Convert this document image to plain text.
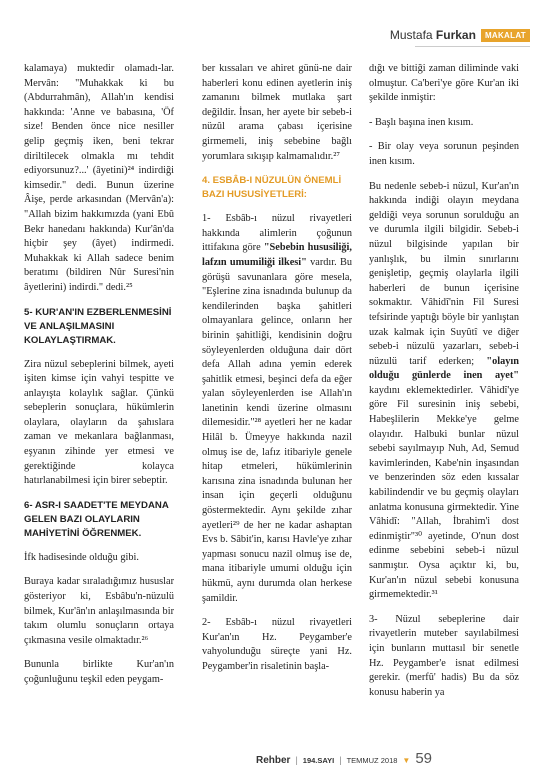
Mustafa Furkan	MAKALAT

kalamaya) muktedir olamadı-lar. Mervân: "Muhakkak ki bu (Abdurrahmân), Allah'ın kendisi hakkında: 'Anne ve babasına, 'Öf size! Benden önce nice nesiller gelip geçmiş iken, beni tekrar diriltilecek olmakla mı tehdit ediyorsunuz?...' (âyetini)²⁴ indirdiği kimsedir." dedi. Bunun üzerine Âişe, perde arkasından (Mervân'a): "Allah bizim hakkımızda (yani Ebû Bekr hanedanı hakkında) Kur'ân'da hiçbir şey (âyet) indirmedi. Muhakkak ki Allah sadece benim beratımı (bildiren Nûr Suresi'nin âyetlerini) indirdi." dedi.²⁵

5- KUR'AN'IN EZBERLENMESİNİ VE ANLAŞILMASINI KOLAYLAŞTIRMAK.

Zira nüzul sebeplerini bilmek, ayeti işiten kimse için vahyi tespitte ve anlayışta kolaylık sağlar. Çünkü sebeplerin sonuçlara, hükümlerin olaylara, olayların da şahıslara zaman ve mekanlara bağlanması, eşyanın zihinde yer etmesi ve gerektiğinde kolayca hatırlanabilmesi için birer sebeptir.

6- ASR-I SAADET'TE MEYDANA GELEN BAZI OLAYLARIN MAHİYETİNİ ÖĞRENMEK.

İfk hadisesinde olduğu gibi.

Buraya kadar sıraladığımız hususlar gösteriyor ki, Esbâbu'n-nüzulü bilmek, Kur'ân'ın anlaşılmasında bir takım olumlu sonuçların ortaya çıkmasına vesile olmaktadır.²⁶

Bununla birlikte Kur'an'ın çoğunluğunu teşkil eden peygam-

ber kıssaları ve ahiret günü-ne dair haberleri konu edinen ayetlerin iniş zamanını bilmek mutlaka şart değildir. İnsan, her ayete bir sebeb-i nüzûl arama çabası içerisine girmemeli, iniş sebebine bağlı yorumlara sıkışıp kalmamalıdır.²⁷

4. ESBÂB-I NÜZULÜN ÖNEMLİ BAZI HUSUSİYETLERİ:

1- Esbâb-ı nüzul rivayetleri hakkında alimlerin çoğunun ittifakına göre "Sebebin hususiliği, lafzın umumiliği ilkesi" vardır. Bu görüşü savunanlara göre mesela, "Eşlerine zina isnadında bulunup da kendilerinden başka şahitleri olmayanlara gelince, onların her birinin şahitliği, kendisinin doğru söyleyenlerden olduğuna dair dört defa Allah adına yemin ederek şahitlik etmesi, beşinci defa da eğer yalan söyleyenlerden ise Allah'ın lanetinin kendi üzerine olmasını dilemesidir."²⁸ ayetleri her ne kadar Hilâl b. Ümeyye hakkında nazil olmuş ise de, lafız itibariyle genele hitap etmeleri, hükümlerinin karısına zina isnadında bulunan her insan için geçerli olduğunu göstermektedir. Aynı şekilde zıhar ayetleri²⁹ de her ne kadar ashaptan Evs b. Sâbit'in, karısı Havle'ye zıhar yapması sonucu nazil olmuş ise de, mana itibariyle umumi olduğu için hükmü, aynı durumda olan herkese şamildir.

2- Esbâb-ı nüzul rivayetleri Kur'an'ın Hz. Peygamber'e vahyolunduğu süreçte yani Hz. Peygamber'in risaletinin başla-

dığı ve bittiği zaman diliminde vaki olmuştur. Ca'beri'ye göre Kur'an iki şekilde inmiştir:

- Başlı başına inen kısım.

- Bir olay veya sorunun peşinden inen kısım.

Bu nedenle sebeb-i nüzul, Kur'an'ın hakkında indiği olayın meydana geldiği veya sorunun sorulduğu an ve durumla ilgili bilgidir. Sebeb-i nüzul bilgisinde yapılan bir yanlışlık, bu ilmin sınırlarını genişletip, geçmiş olaylarla ilgili haberleri de bunun içerisine sokmaktır. Vâhidî'nin Fil Suresi tefsirinde yaptığı böyle bir yanlıştan uzak kalmak için Suyûtî ve diğer sebeb-i nüzulü yazarları, sebeb-i nüzulü tarif ederken; "olayın olduğu günlerde inen ayet" kaydını eklemektedirler. Vâhidî'ye göre Fil suresinin iniş sebebi, Habeşlilerin Mekke'ye gelme olayıdır. Halbuki bunlar nüzul sebebi sayılmayıp Nuh, Ad, Semud kavimlerinden, Kabe'nin inşasından ve benzerinden söz eden kıssalar kabilindendir ve bu geçmiş olayları anlatma konusuna girmektedir. Yine Vâhidî: "Allah, İbrahim'i dost edinmiştir"³⁰ ayetinde, O'nun dost edinme sebebini sebeb-i nüzul sanmıştır. Oysa açıktır ki, bu, Kur'an'ın nüzul sebebi konusuna girmemektedir.³¹

3- Nüzul sebeplerine dair rivayetlerin muteber sayılabilmesi için bunların muttasıl bir senetle Hz. Peygamber'e isnat edilmesi gerekir. (merfû' hadis) Bu da söz konusu haberin ya

Rehber | 194.SAYI | TEMMUZ 2018 ▼ 59
